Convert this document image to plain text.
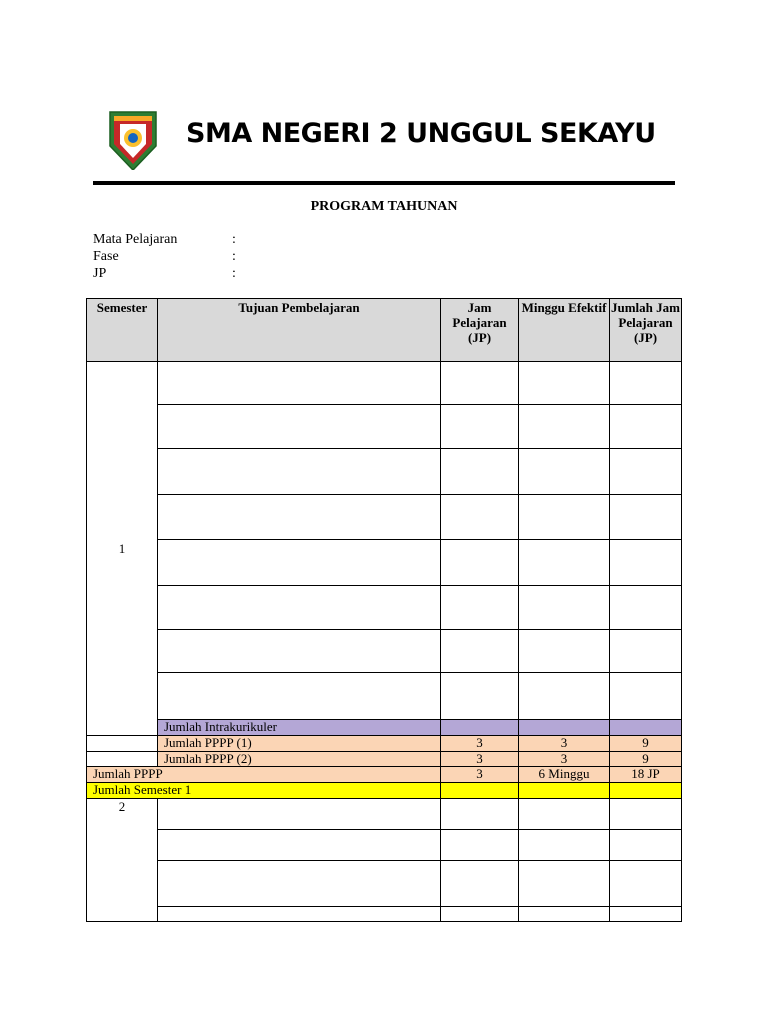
SMA NEGERI 2 UNGGUL SEKAYU
PROGRAM TAHUNAN
Mata Pelajaran	:
Fase	:
JP	:
Semester	Tujuan Pembelajaran	Jam Pelajaran (JP)	Minggu Efektif	Jumlah Jam Pelajaran (JP)
1				

	Jumlah Intrakurikuler			
	Jumlah PPPP (1)	3	3	9
	Jumlah PPPP (2)	3	3	9
Jumlah PPPP		3	6 Minggu	18 JP
Jumlah Semester 1				
2				
